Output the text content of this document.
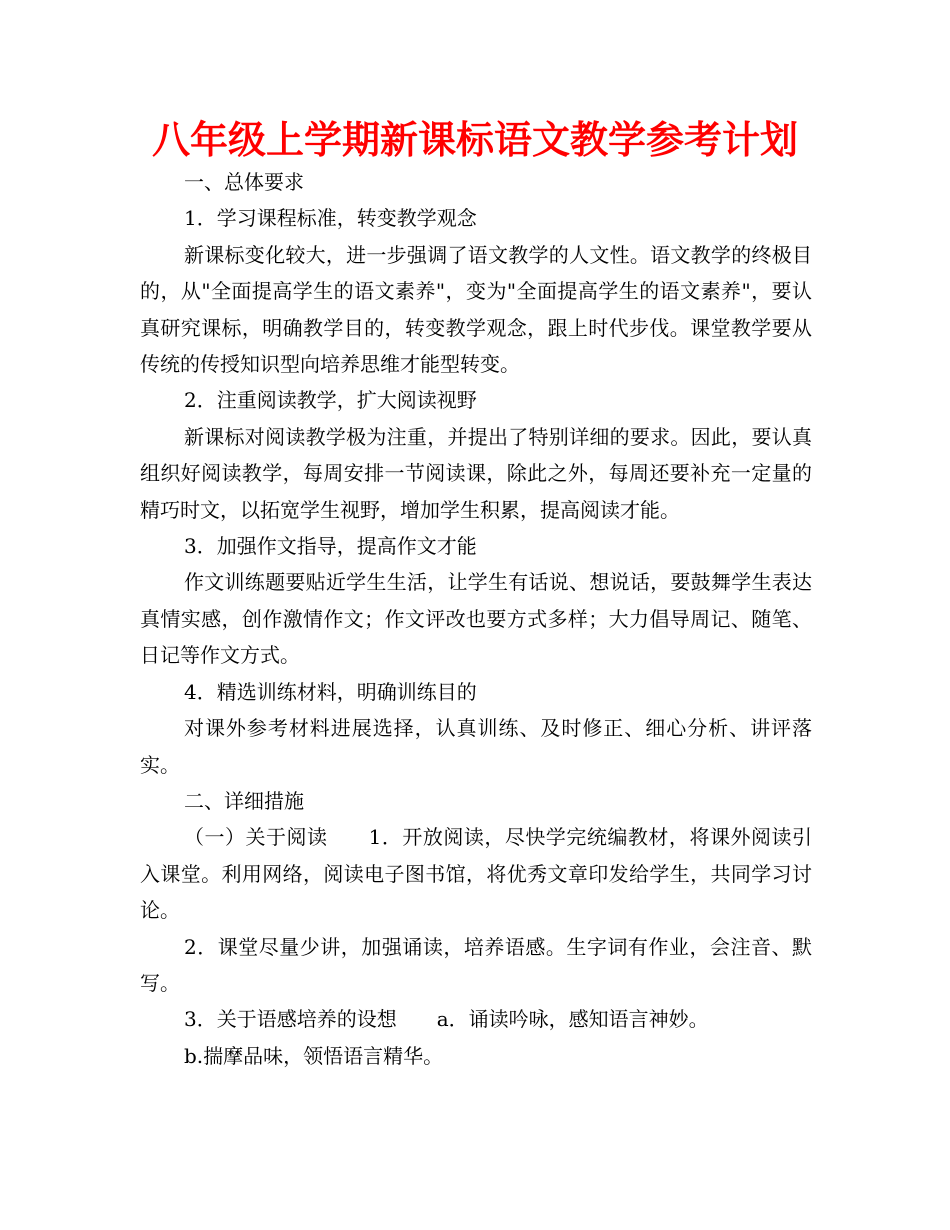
八年级上学期新课标语文教学参考计划

一、总体要求

1．学习课程标准，转变教学观念

新课标变化较大，进一步强调了语文教学的人文性。语文教学的终极目的，从"全面提高学生的语文素养"，变为"全面提高学生的语文素养"，要认真研究课标，明确教学目的，转变教学观念，跟上时代步伐。课堂教学要从传统的传授知识型向培养思维才能型转变。

2．注重阅读教学，扩大阅读视野

新课标对阅读教学极为注重，并提出了特别详细的要求。因此，要认真组织好阅读教学，每周安排一节阅读课，除此之外，每周还要补充一定量的精巧时文，以拓宽学生视野，增加学生积累，提高阅读才能。

3．加强作文指导，提高作文才能

作文训练题要贴近学生生活，让学生有话说、想说话，要鼓舞学生表达真情实感，创作激情作文；作文评改也要方式多样；大力倡导周记、随笔、日记等作文方式。

4．精选训练材料，明确训练目的

对课外参考材料进展选择，认真训练、及时修正、细心分析、讲评落实。

二、详细措施

（一）关于阅读　　1．开放阅读，尽快学完统编教材，将课外阅读引入课堂。利用网络，阅读电子图书馆，将优秀文章印发给学生，共同学习讨论。

2．课堂尽量少讲，加强诵读，培养语感。生字词有作业，会注音、默写。

3．关于语感培养的设想　　a．诵读吟咏，感知语言神妙。

b.揣摩品味，领悟语言精华。
